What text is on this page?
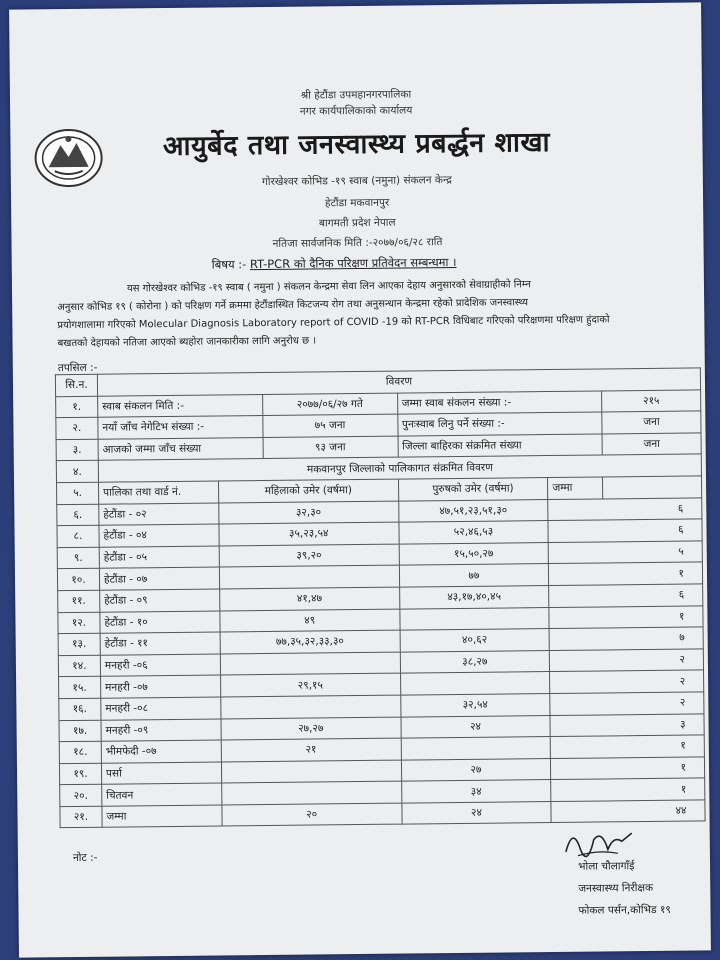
श्री हेटौंडा उपमहानगरपालिका
नगर कार्यपालिकाको कार्यालय
आयुर्बेद तथा जनस्वास्थ्य प्रबर्द्धन शाखा
गोरखेश्वर कोभिड -१९ स्वाब (नमुना) संकलन केन्द्र
हेटौंडा मकवानपुर
बागमती प्रदेश नेपाल
नतिजा सार्वजनिक मिति :-२०७७/०६/२८ राति
बिषय :- RT-PCR को दैनिक परिक्षण प्रतिवेदन सम्बन्धमा ।
यस गोरखेश्वर कोभिड -१९ स्वाब ( नमुना ) संकलन केन्द्रमा सेवा लिन आएका देहाय अनुसारको सेवाग्राहीको निम्न
अनुसार कोभिड १९ ( कोरोना ) को परिक्षण गर्ने क्रममा हेटौंडास्थित किटजन्य रोग तथा अनुसन्धान केन्द्रमा रहेको प्रादेशिक जनस्वास्थ्य
प्रयोगशालामा गरिएको Molecular Diagnosis Laboratory report of COVID -19 को RT-PCR विधिबाट गरिएको परिक्षणमा परिक्षण हुंदाको
बखतको देहायको नतिजा आएको ब्यहोरा जानकारीका लागि अनुरोध छ ।
तपसिल :-
सि.न.	विवरण					
१.	स्वाब संकलन मिति :-		२०७७/०६/२७ गते	जम्मा स्वाब संकलन संख्या :-		२१५
२.	नयाँ जाँच नेगेटिभ संख्या :-		७५ जना	पुनःस्वाब लिनु पर्ने संख्या :-		जना
३.	आजको जम्मा जाँच संख्या		९३ जना	जिल्ला बाहिरका संक्रमित संख्या		जना
४.	मकवानपुर जिल्लाको पालिकागत संक्रमित विवरण					
५.	पालिका तथा वार्ड नं.	महिलाको उमेर (वर्षमा)		पुरुषको उमेर (वर्षमा)	जम्मा	
६.	हेटौंडा - ०२	३२,३०		४७,५१,२३,५१,३०	६	
८.	हेटौंडा - ०४	३५,२३,५४		५२,४६,५३	६	
९.	हेटौंडा - ०५	३९,२०		१५,५०,२७	५	
१०.	हेटौंडा - ०७			७७	१	
११.	हेटौंडा - ०९	४१,४७		४३,१७,४०,४५	६	
१२.	हेटौंडा - १०	४९			१	
१३.	हेटौंडा - ११	७७,३५,३२,३३,३०		४०,६२	७	
१४.	मनहरी -०६			३८,२७	२	
१५.	मनहरी -०७	२९,१५			२	
१६.	मनहरी -०८			३२,५४	२	
१७.	मनहरी -०९	२७,२७		२४	३	
१८.	भीमफेदी -०७	२१			१	
१९.	पर्सा			२७	१	
२०.	चितवन			३४	१	
२१.	जम्मा	२०		२४	४४	
नोट :-
भोला चौलागाँई
जनस्वास्थ्य निरीक्षक
फोकल पर्सन,कोभिड १९
